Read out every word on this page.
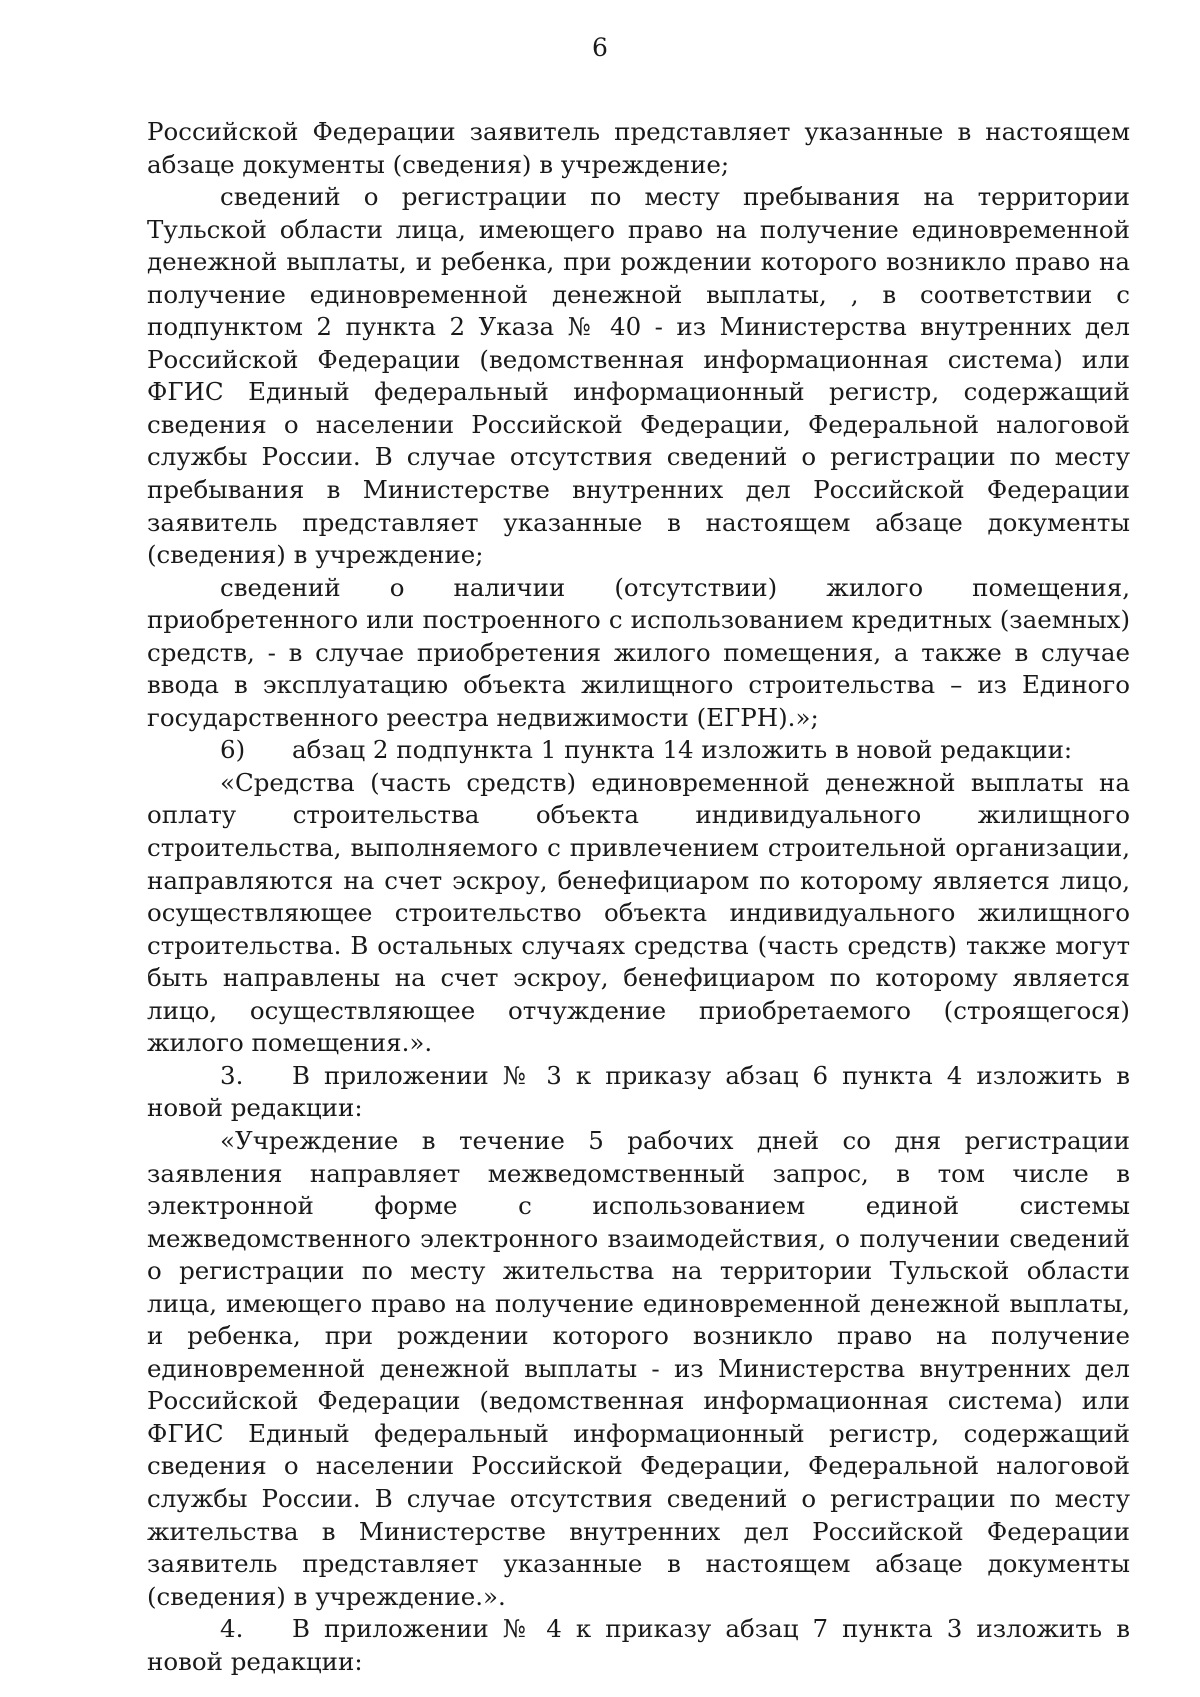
6

Российской Федерации заявитель представляет указанные в настоящем абзаце документы (сведения) в учреждение;

сведений о регистрации по месту пребывания на территории Тульской области лица, имеющего право на получение единовременной денежной выплаты, и ребенка, при рождении которого возникло право на получение единовременной денежной выплаты, , в соответствии с подпунктом 2 пункта 2 Указа № 40 - из Министерства внутренних дел Российской Федерации (ведомственная информационная система) или ФГИС Единый федеральный информационный регистр, содержащий сведения о населении Российской Федерации, Федеральной налоговой службы России. В случае отсутствия сведений о регистрации по месту пребывания в Министерстве внутренних дел Российской Федерации заявитель представляет указанные в настоящем абзаце документы (сведения) в учреждение;

сведений о наличии (отсутствии) жилого помещения, приобретенного или построенного с использованием кредитных (заемных) средств, - в случае приобретения жилого помещения, а также в случае ввода в эксплуатацию объекта жилищного строительства – из Единого государственного реестра недвижимости (ЕГРН).»;

6) абзац 2 подпункта 1 пункта 14 изложить в новой редакции:

«Средства (часть средств) единовременной денежной выплаты на оплату строительства объекта индивидуального жилищного строительства, выполняемого с привлечением строительной организации, направляются на счет эскроу, бенефициаром по которому является лицо, осуществляющее строительство объекта индивидуального жилищного строительства. В остальных случаях средства (часть средств) также могут быть направлены на счет эскроу, бенефициаром по которому является лицо, осуществляющее отчуждение приобретаемого (строящегося) жилого помещения.».

3. В приложении № 3 к приказу абзац 6 пункта 4 изложить в новой редакции:

«Учреждение в течение 5 рабочих дней со дня регистрации заявления направляет межведомственный запрос, в том числе в электронной форме с использованием единой системы межведомственного электронного взаимодействия, о получении сведений о регистрации по месту жительства на территории Тульской области лица, имеющего право на получение единовременной денежной выплаты, и ребенка, при рождении которого возникло право на получение единовременной денежной выплаты - из Министерства внутренних дел Российской Федерации (ведомственная информационная система) или ФГИС Единый федеральный информационный регистр, содержащий сведения о населении Российской Федерации, Федеральной налоговой службы России. В случае отсутствия сведений о регистрации по месту жительства в Министерстве внутренних дел Российской Федерации заявитель представляет указанные в настоящем абзаце документы (сведения) в учреждение.».

4. В приложении № 4 к приказу абзац 7 пункта 3 изложить в новой редакции:
